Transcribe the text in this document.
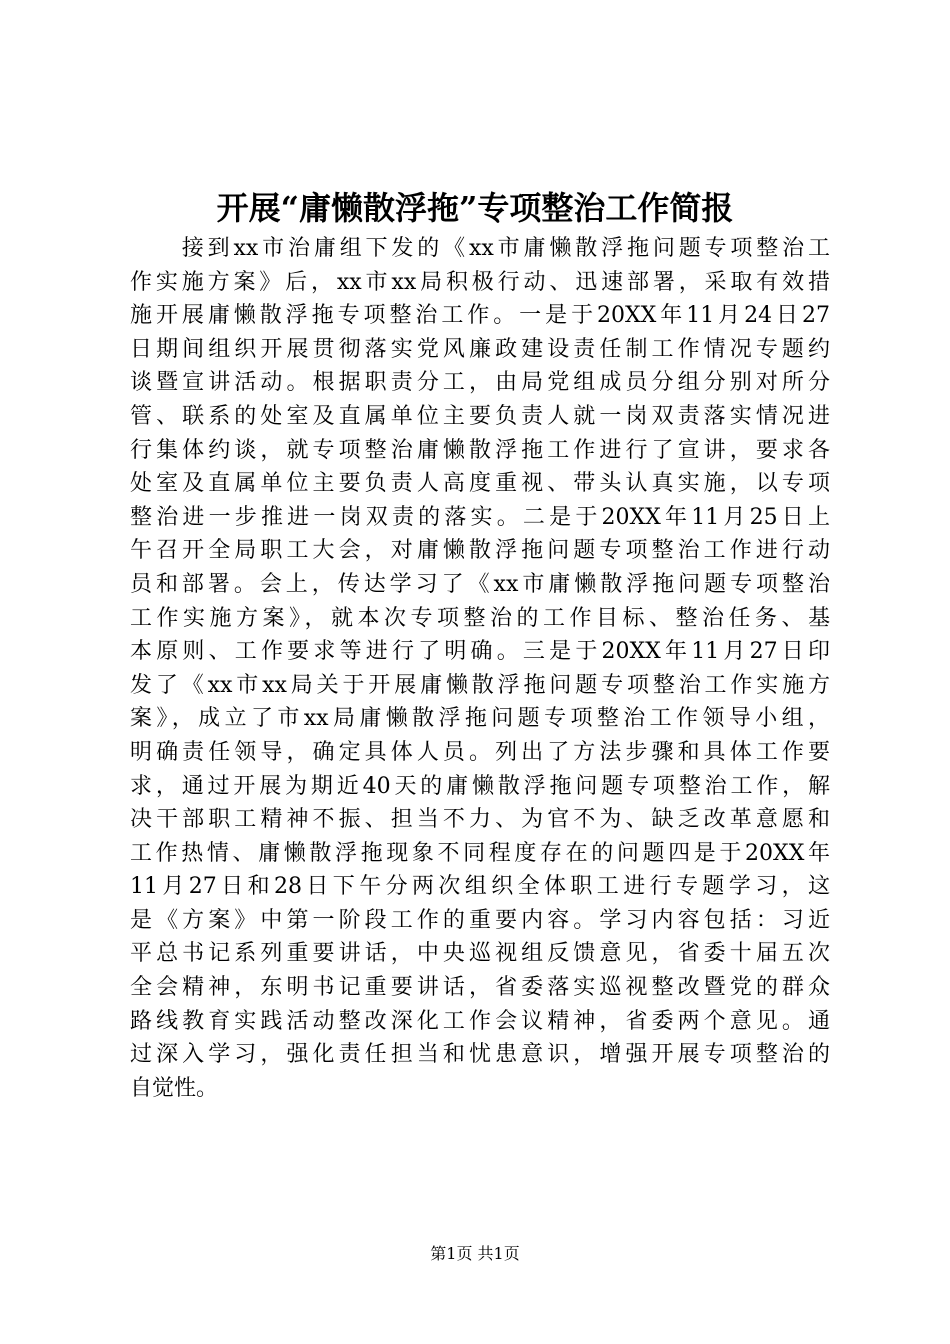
开展“庸懒散浮拖”专项整治工作简报
　　接到xx市治庸组下发的《xx市庸懒散浮拖问题专项整治工
作实施方案》后，xx市xx局积极行动、迅速部署，采取有效措
施开展庸懒散浮拖专项整治工作。一是于20XX年11月24日27
日期间组织开展贯彻落实党风廉政建设责任制工作情况专题约
谈暨宣讲活动。根据职责分工，由局党组成员分组分别对所分
管、联系的处室及直属单位主要负责人就一岗双责落实情况进
行集体约谈，就专项整治庸懒散浮拖工作进行了宣讲，要求各
处室及直属单位主要负责人高度重视、带头认真实施，以专项
整治进一步推进一岗双责的落实。二是于20XX年11月25日上
午召开全局职工大会，对庸懒散浮拖问题专项整治工作进行动
员和部署。会上，传达学习了《xx市庸懒散浮拖问题专项整治
工作实施方案》，就本次专项整治的工作目标、整治任务、基
本原则、工作要求等进行了明确。三是于20XX年11月27日印
发了《xx市xx局关于开展庸懒散浮拖问题专项整治工作实施方
案》，成立了市xx局庸懒散浮拖问题专项整治工作领导小组，
明确责任领导，确定具体人员。列出了方法步骤和具体工作要
求，通过开展为期近40天的庸懒散浮拖问题专项整治工作，解
决干部职工精神不振、担当不力、为官不为、缺乏改革意愿和
工作热情、庸懒散浮拖现象不同程度存在的问题四是于20XX年
11月27日和28日下午分两次组织全体职工进行专题学习，这
是《方案》中第一阶段工作的重要内容。学习内容包括：习近
平总书记系列重要讲话，中央巡视组反馈意见，省委十届五次
全会精神，东明书记重要讲话，省委落实巡视整改暨党的群众
路线教育实践活动整改深化工作会议精神，省委两个意见。通
过深入学习，强化责任担当和忧患意识，增强开展专项整治的
自觉性。
第1页 共1页
